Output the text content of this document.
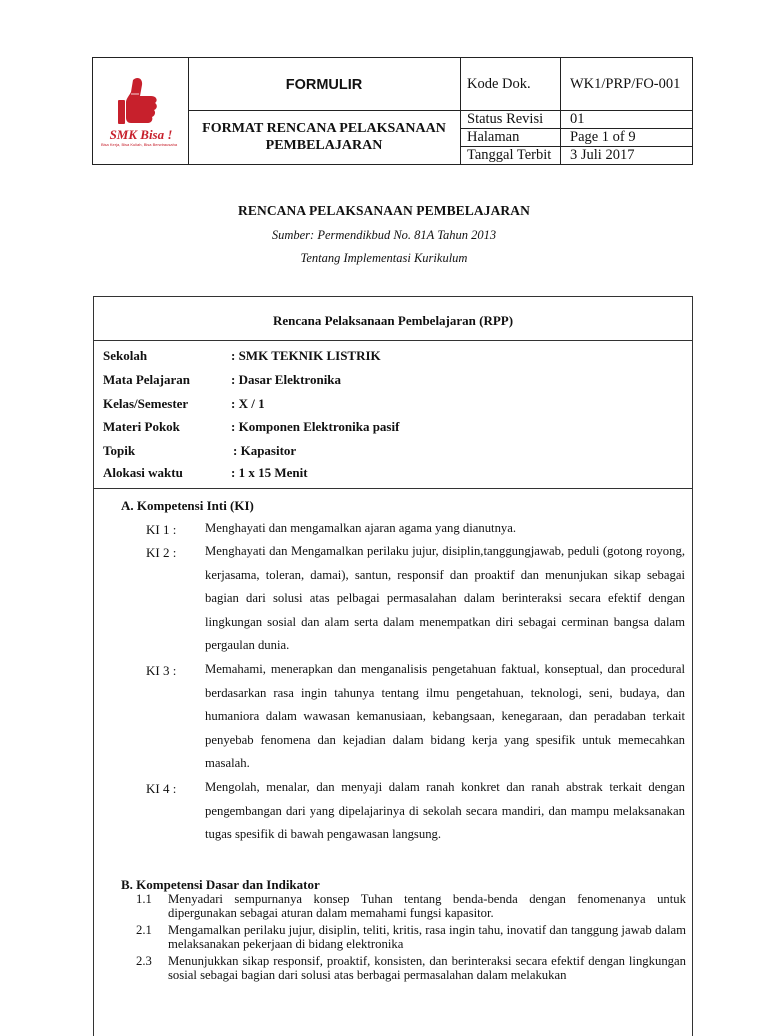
SMK Bisa !
Bisa Kerja, Bisa Kuliah, Bisa Berwirausaha
FORMULIR
FORMAT RENCANA PELAKSANAAN
PEMBELAJARAN
Kode Dok.	WK1/PRP/FO-001
Status Revisi 01
Halaman	Page 1 of 9
Tanggal Terbit 3 Juli 2017
RENCANA PELAKSANAAN PEMBELAJARAN
Sumber: Permendikbud No. 81A Tahun 2013
Tentang Implementasi Kurikulum
Rencana Pelaksanaan Pembelajaran (RPP)
Sekolah	: SMK TEKNIK LISTRIK
Mata Pelajaran	: Dasar Elektronika
Kelas/Semester	: X / 1
Materi Pokok	: Komponen Elektronika pasif
Topik	: Kapasitor
Alokasi waktu	: 1 x 15 Menit
A. Kompetensi Inti (KI)
KI 1 : Menghayati dan mengamalkan ajaran agama yang dianutnya.
KI 2 : Menghayati dan Mengamalkan perilaku jujur, disiplin,tanggungjawab, peduli (gotong royong, kerjasama, toleran, damai), santun, responsif dan proaktif dan menunjukan sikap sebagai bagian dari solusi atas pelbagai permasalahan dalam berinteraksi secara efektif dengan lingkungan sosial dan alam serta dalam menempatkan diri sebagai cerminan bangsa dalam pergaulan dunia.
KI 3 : Memahami, menerapkan dan menganalisis pengetahuan faktual, konseptual, dan procedural berdasarkan rasa ingin tahunya tentang ilmu pengetahuan, teknologi, seni, budaya, dan humaniora dalam wawasan kemanusiaan, kebangsaan, kenegaraan, dan peradaban terkait penyebab fenomena dan kejadian dalam bidang kerja yang spesifik untuk memecahkan masalah.
KI 4 : Mengolah, menalar, dan menyaji dalam ranah konkret dan ranah abstrak terkait dengan pengembangan dari yang dipelajarinya di sekolah secara mandiri, dan mampu melaksanakan tugas spesifik di bawah pengawasan langsung.
B. Kompetensi Dasar dan Indikator
1.1 Menyadari sempurnanya konsep Tuhan tentang benda-benda dengan fenomenanya untuk dipergunakan sebagai aturan dalam memahami fungsi kapasitor.
2.1 Mengamalkan perilaku jujur, disiplin, teliti, kritis, rasa ingin tahu, inovatif dan tanggung jawab dalam melaksanakan pekerjaan di bidang elektronika
2.3 Menunjukkan sikap responsif, proaktif, konsisten, dan berinteraksi secara efektif dengan lingkungan sosial sebagai bagian dari solusi atas berbagai permasalahan dalam melakukan
